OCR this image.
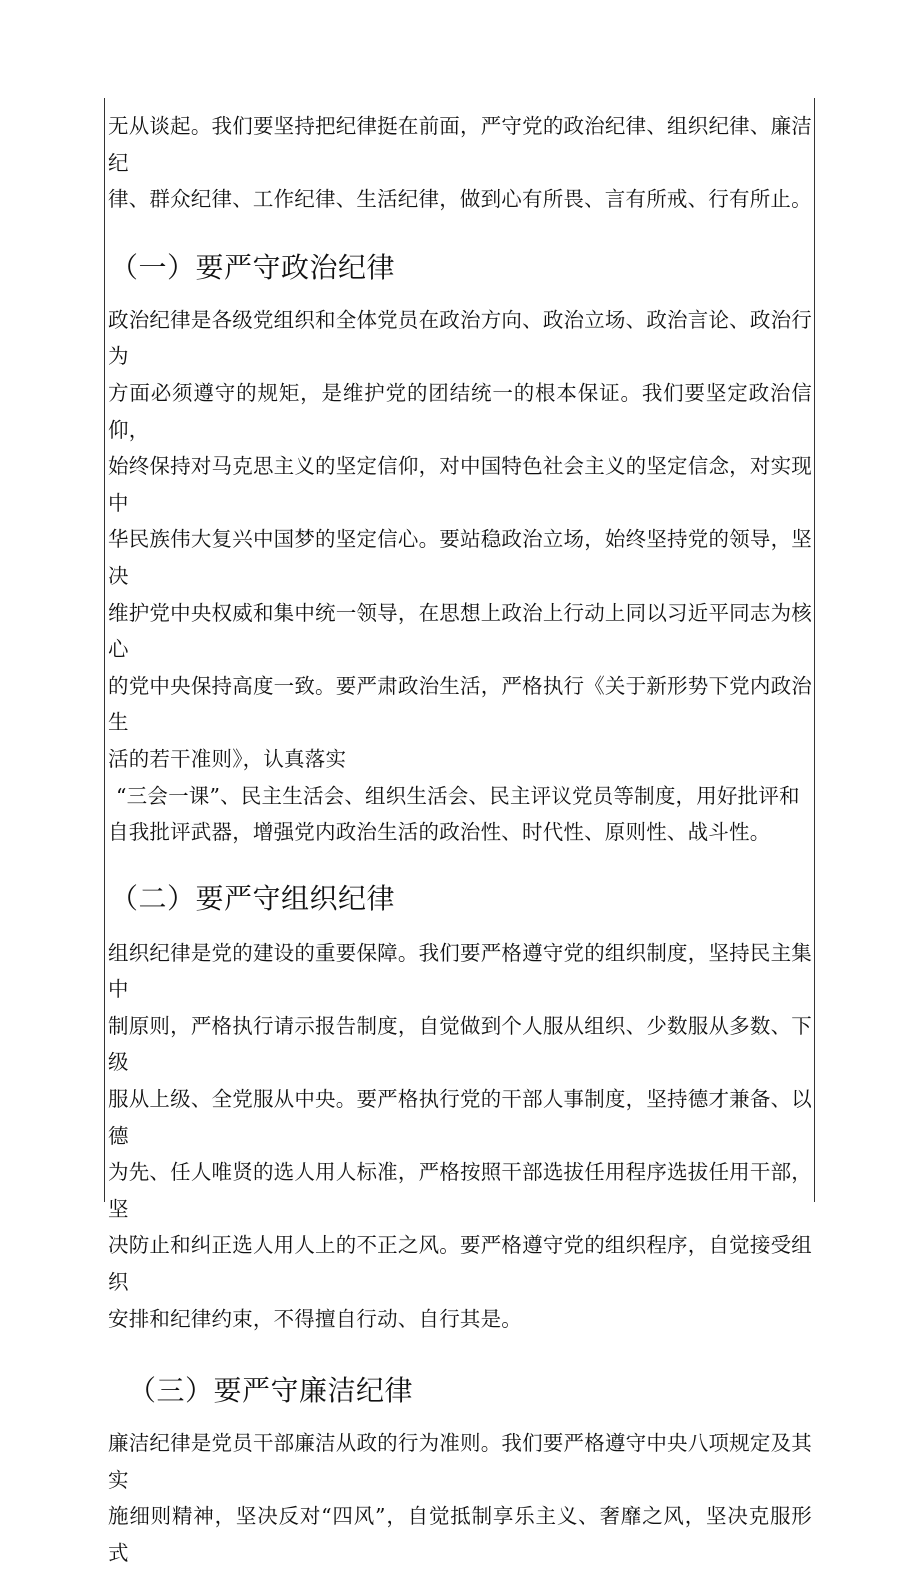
无从谈起。我们要坚持把纪律挺在前面，严守党的政治纪律、组织纪律、廉洁纪

律、群众纪律、工作纪律、生活纪律，做到心有所畏、言有所戒、行有所止。

（一）要严守政治纪律

政治纪律是各级党组织和全体党员在政治方向、政治立场、政治言论、政治行为

方面必须遵守的规矩，是维护党的团结统一的根本保证。我们要坚定政治信仰，

始终保持对马克思主义的坚定信仰，对中国特色社会主义的坚定信念，对实现中

华民族伟大复兴中国梦的坚定信心。要站稳政治立场，始终坚持党的领导，坚决

维护党中央权威和集中统一领导，在思想上政治上行动上同以习近平同志为核心

的党中央保持高度一致。要严肃政治生活，严格执行《关于新形势下党内政治生

活的若干准则》，认真落实

“三会一课”、民主生活会、组织生活会、民主评议党员等制度，用好批评和

自我批评武器，增强党内政治生活的政治性、时代性、原则性、战斗性。

（二）要严守组织纪律

组织纪律是党的建设的重要保障。我们要严格遵守党的组织制度，坚持民主集中

制原则，严格执行请示报告制度，自觉做到个人服从组织、少数服从多数、下级

服从上级、全党服从中央。要严格执行党的干部人事制度，坚持德才兼备、以德

为先、任人唯贤的选人用人标准，严格按照干部选拔任用程序选拔任用干部，坚

决防止和纠正选人用人上的不正之风。要严格遵守党的组织程序，自觉接受组织

安排和纪律约束，不得擅自行动、自行其是。

（三）要严守廉洁纪律

廉洁纪律是党员干部廉洁从政的行为准则。我们要严格遵守中央八项规定及其实

施细则精神，坚决反对“四风”，自觉抵制享乐主义、奢靡之风，坚决克服形式
